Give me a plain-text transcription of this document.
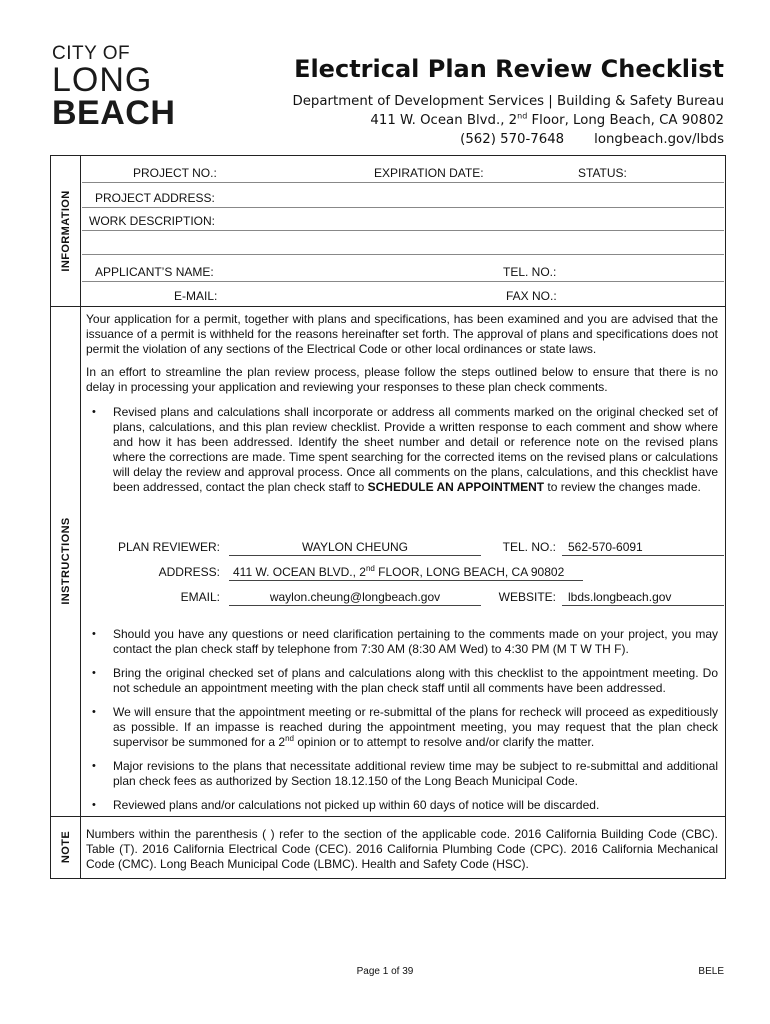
CITY OF
LONG
BEACH
Electrical Plan Review Checklist
Department of Development Services | Building & Safety Bureau
411 W. Ocean Blvd., 2nd Floor, Long Beach, CA 90802
(562) 570-7648 longbeach.gov/lbds
INFORMATION
INSTRUCTIONS
NOTE
PROJECT NO.:	EXPIRATION DATE:	STATUS:
PROJECT ADDRESS:
WORK DESCRIPTION:
APPLICANT’S NAME:	TEL. NO.:
E-MAIL:	FAX NO.:
Your application for a permit, together with plans and specifications, has been examined and you are advised that the issuance of a permit is withheld for the reasons hereinafter set forth. The approval of plans and specifications does not permit the violation of any sections of the Electrical Code or other local ordinances or state laws.
In an effort to streamline the plan review process, please follow the steps outlined below to ensure that there is no delay in processing your application and reviewing your responses to these plan check comments.
• Revised plans and calculations shall incorporate or address all comments marked on the original checked set of plans, calculations, and this plan review checklist. Provide a written response to each comment and show where and how it has been addressed. Identify the sheet number and detail or reference note on the revised plans where the corrections are made. Time spent searching for the corrected items on the revised plans or calculations will delay the review and approval process. Once all comments on the plans, calculations, and this checklist have been addressed, contact the plan check staff to SCHEDULE AN APPOINTMENT to review the changes made.
PLAN REVIEWER:	WAYLON CHEUNG	TEL. NO.:	562-570-6091
ADDRESS:	411 W. OCEAN BLVD., 2nd FLOOR, LONG BEACH, CA 90802
EMAIL:	waylon.cheung@longbeach.gov	WEBSITE:	lbds.longbeach.gov
• Should you have any questions or need clarification pertaining to the comments made on your project, you may contact the plan check staff by telephone from 7:30 AM (8:30 AM Wed) to 4:30 PM (M T W TH F).
• Bring the original checked set of plans and calculations along with this checklist to the appointment meeting. Do not schedule an appointment meeting with the plan check staff until all comments have been addressed.
• We will ensure that the appointment meeting or re-submittal of the plans for recheck will proceed as expeditiously as possible. If an impasse is reached during the appointment meeting, you may request that the plan check supervisor be summoned for a 2nd opinion or to attempt to resolve and/or clarify the matter.
• Major revisions to the plans that necessitate additional review time may be subject to re-submittal and additional plan check fees as authorized by Section 18.12.150 of the Long Beach Municipal Code.
• Reviewed plans and/or calculations not picked up within 60 days of notice will be discarded.
Numbers within the parenthesis ( ) refer to the section of the applicable code. 2016 California Building Code (CBC). Table (T). 2016 California Electrical Code (CEC). 2016 California Plumbing Code (CPC). 2016 California Mechanical Code (CMC). Long Beach Municipal Code (LBMC). Health and Safety Code (HSC).
Page 1 of 39	BELE
